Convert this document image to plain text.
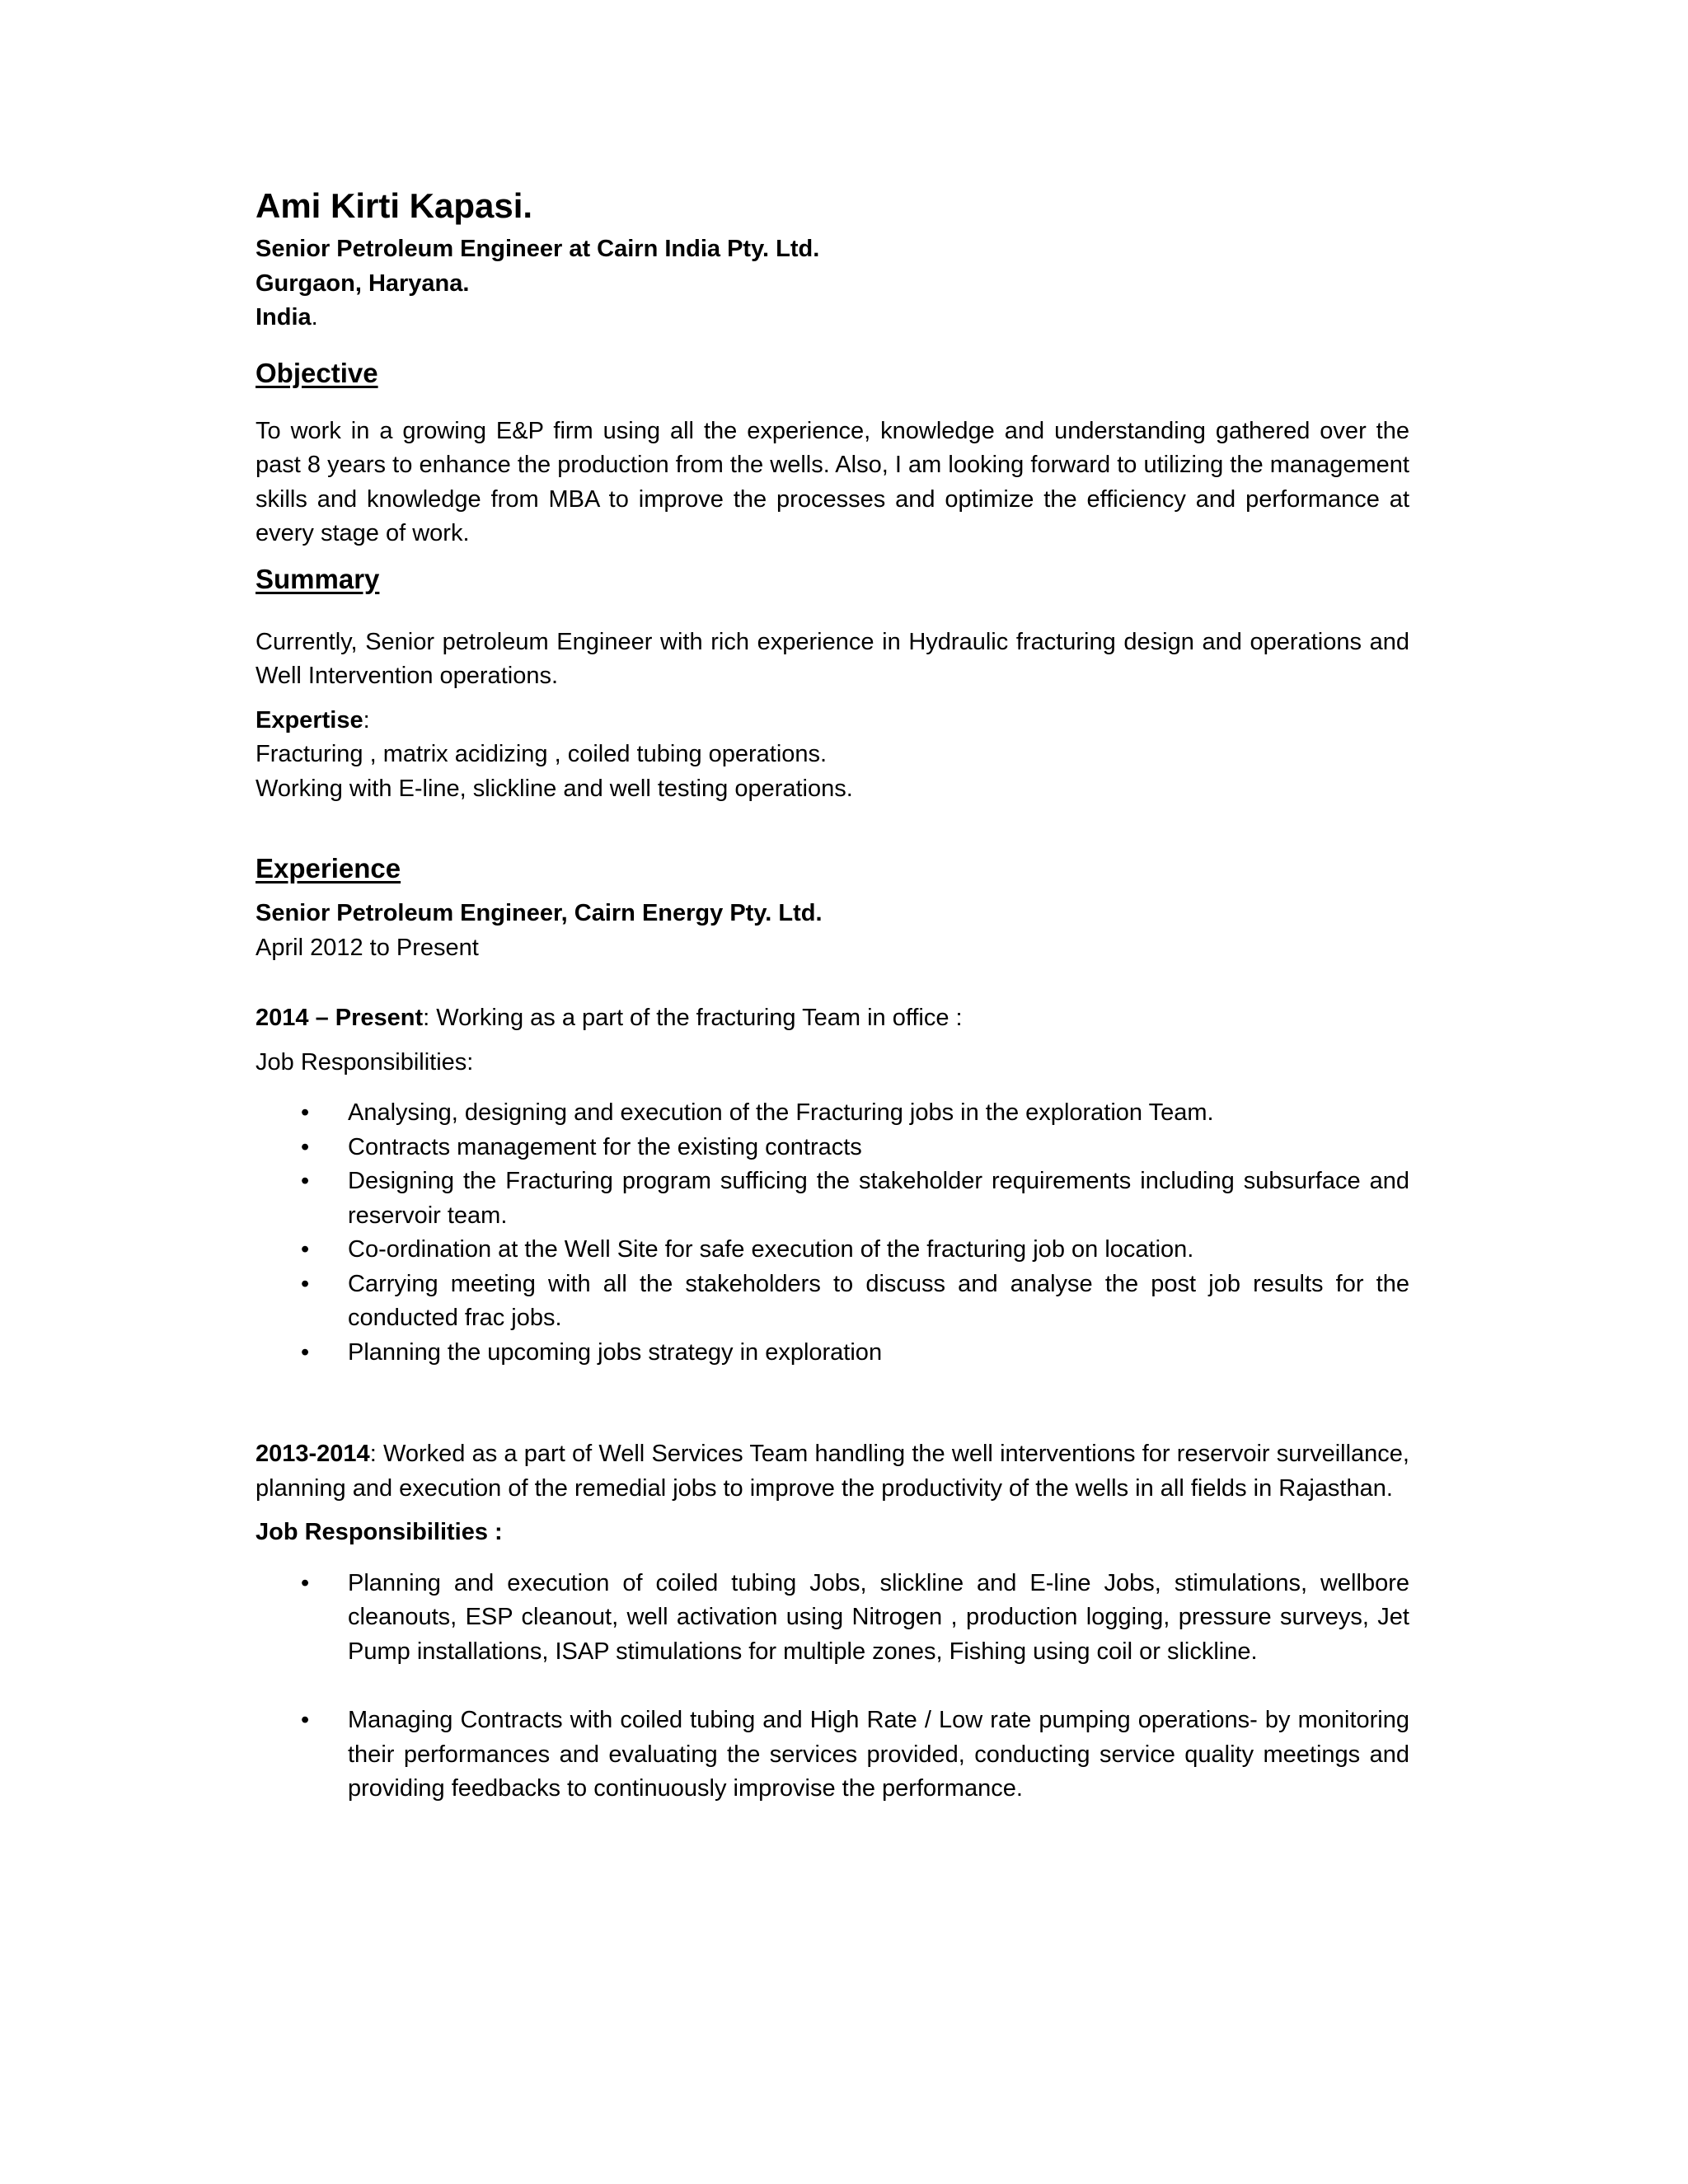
Ami Kirti Kapasi.
Senior Petroleum Engineer at Cairn India Pty. Ltd.
Gurgaon, Haryana.
India.
Objective

To work in a growing E&P firm using all the experience, knowledge and understanding gathered over the past 8 years to enhance the production from the wells. Also, I am looking forward to utilizing the management skills and knowledge from MBA to improve the processes and optimize the efficiency and performance at every stage of work.

Summary

Currently, Senior petroleum Engineer with rich experience in Hydraulic fracturing design and operations and Well Intervention operations.

Expertise:
Fracturing , matrix acidizing , coiled tubing operations.
Working with E-line, slickline and well testing operations.
Experience
Senior Petroleum Engineer, Cairn Energy Pty. Ltd.
April 2012 to Present
2014 – Present: Working as a part of the fracturing Team in office :
Job Responsibilities:
• Analysing, designing and execution of the Fracturing jobs in the exploration Team.
• Contracts management for the existing contracts
• Designing the Fracturing program sufficing the stakeholder requirements including subsurface and reservoir team.
• Co-ordination at the Well Site for safe execution of the fracturing job on location.
• Carrying meeting with all the stakeholders to discuss and analyse the post job results for the conducted frac jobs.
• Planning the upcoming jobs strategy in exploration

2013-2014: Worked as a part of Well Services Team handling the well interventions for reservoir surveillance, planning and execution of the remedial jobs to improve the productivity of the wells in all fields in Rajasthan.

Job Responsibilities :
• Planning and execution of coiled tubing Jobs, slickline and E-line Jobs, stimulations, wellbore cleanouts, ESP cleanout, well activation using Nitrogen , production logging, pressure surveys, Jet Pump installations, ISAP stimulations for multiple zones, Fishing using coil or slickline.
• Managing Contracts with coiled tubing and High Rate / Low rate pumping operations- by monitoring their performances and evaluating the services provided, conducting service quality meetings and providing feedbacks to continuously improvise the performance.
